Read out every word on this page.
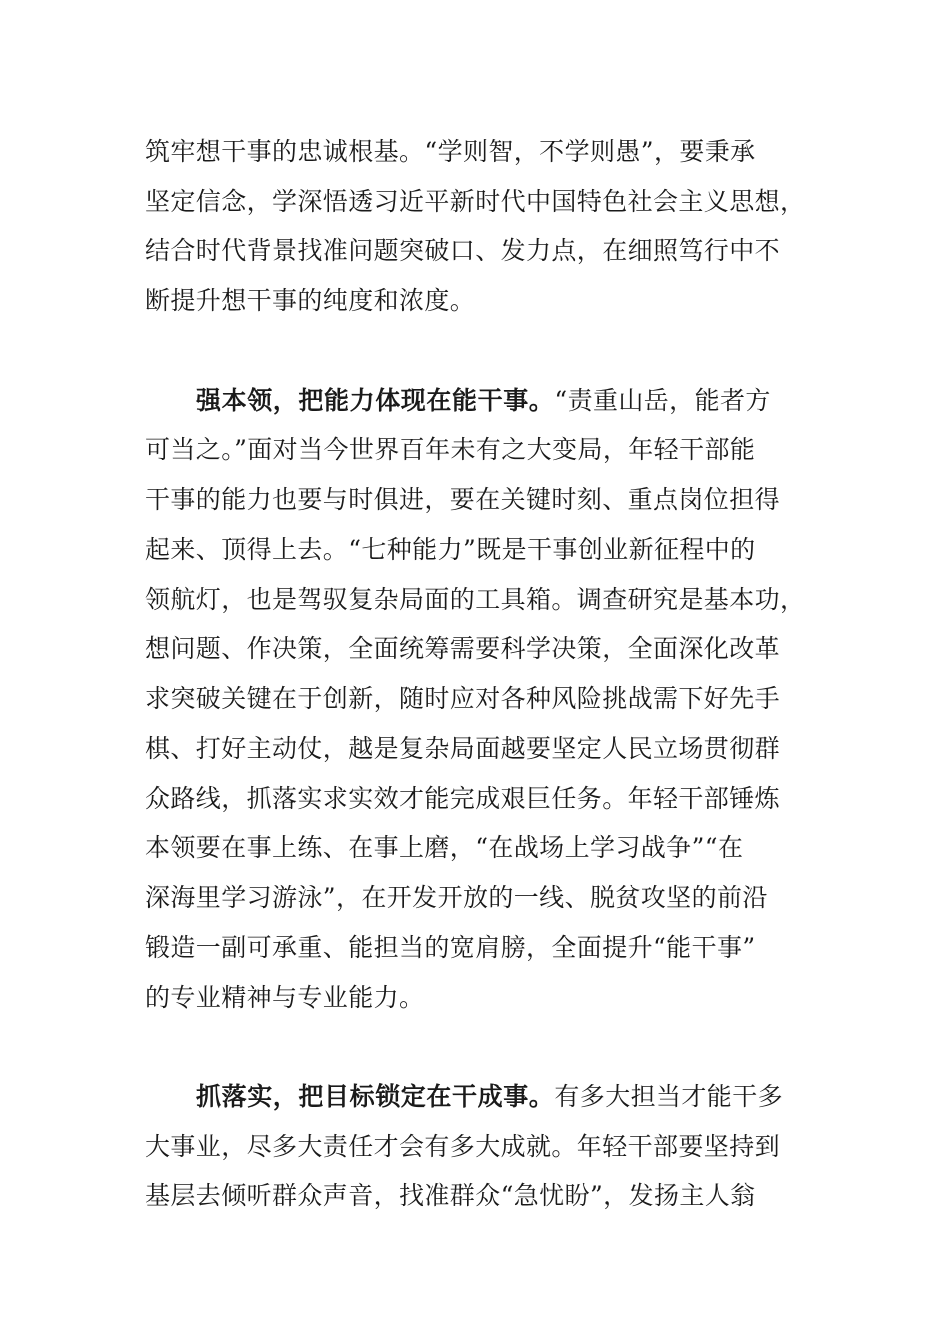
筑牢想干事的忠诚根基。“学则智，不学则愚”，要秉承
坚定信念，学深悟透习近平新时代中国特色社会主义思想，
结合时代背景找准问题突破口、发力点，在细照笃行中不
断提升想干事的纯度和浓度。
强本领，把能力体现在能干事。“责重山岳，能者方
可当之。”面对当今世界百年未有之大变局，年轻干部能
干事的能力也要与时俱进，要在关键时刻、重点岗位担得
起来、顶得上去。“七种能力”既是干事创业新征程中的
领航灯，也是驾驭复杂局面的工具箱。调查研究是基本功，
想问题、作决策，全面统筹需要科学决策，全面深化改革
求突破关键在于创新，随时应对各种风险挑战需下好先手
棋、打好主动仗，越是复杂局面越要坚定人民立场贯彻群
众路线，抓落实求实效才能完成艰巨任务。年轻干部锤炼
本领要在事上练、在事上磨，“在战场上学习战争”“在
深海里学习游泳”，在开发开放的一线、脱贫攻坚的前沿
锻造一副可承重、能担当的宽肩膀，全面提升“能干事”
的专业精神与专业能力。
抓落实，把目标锁定在干成事。有多大担当才能干多
大事业，尽多大责任才会有多大成就。年轻干部要坚持到
基层去倾听群众声音，找准群众“急忧盼”，发扬主人翁
